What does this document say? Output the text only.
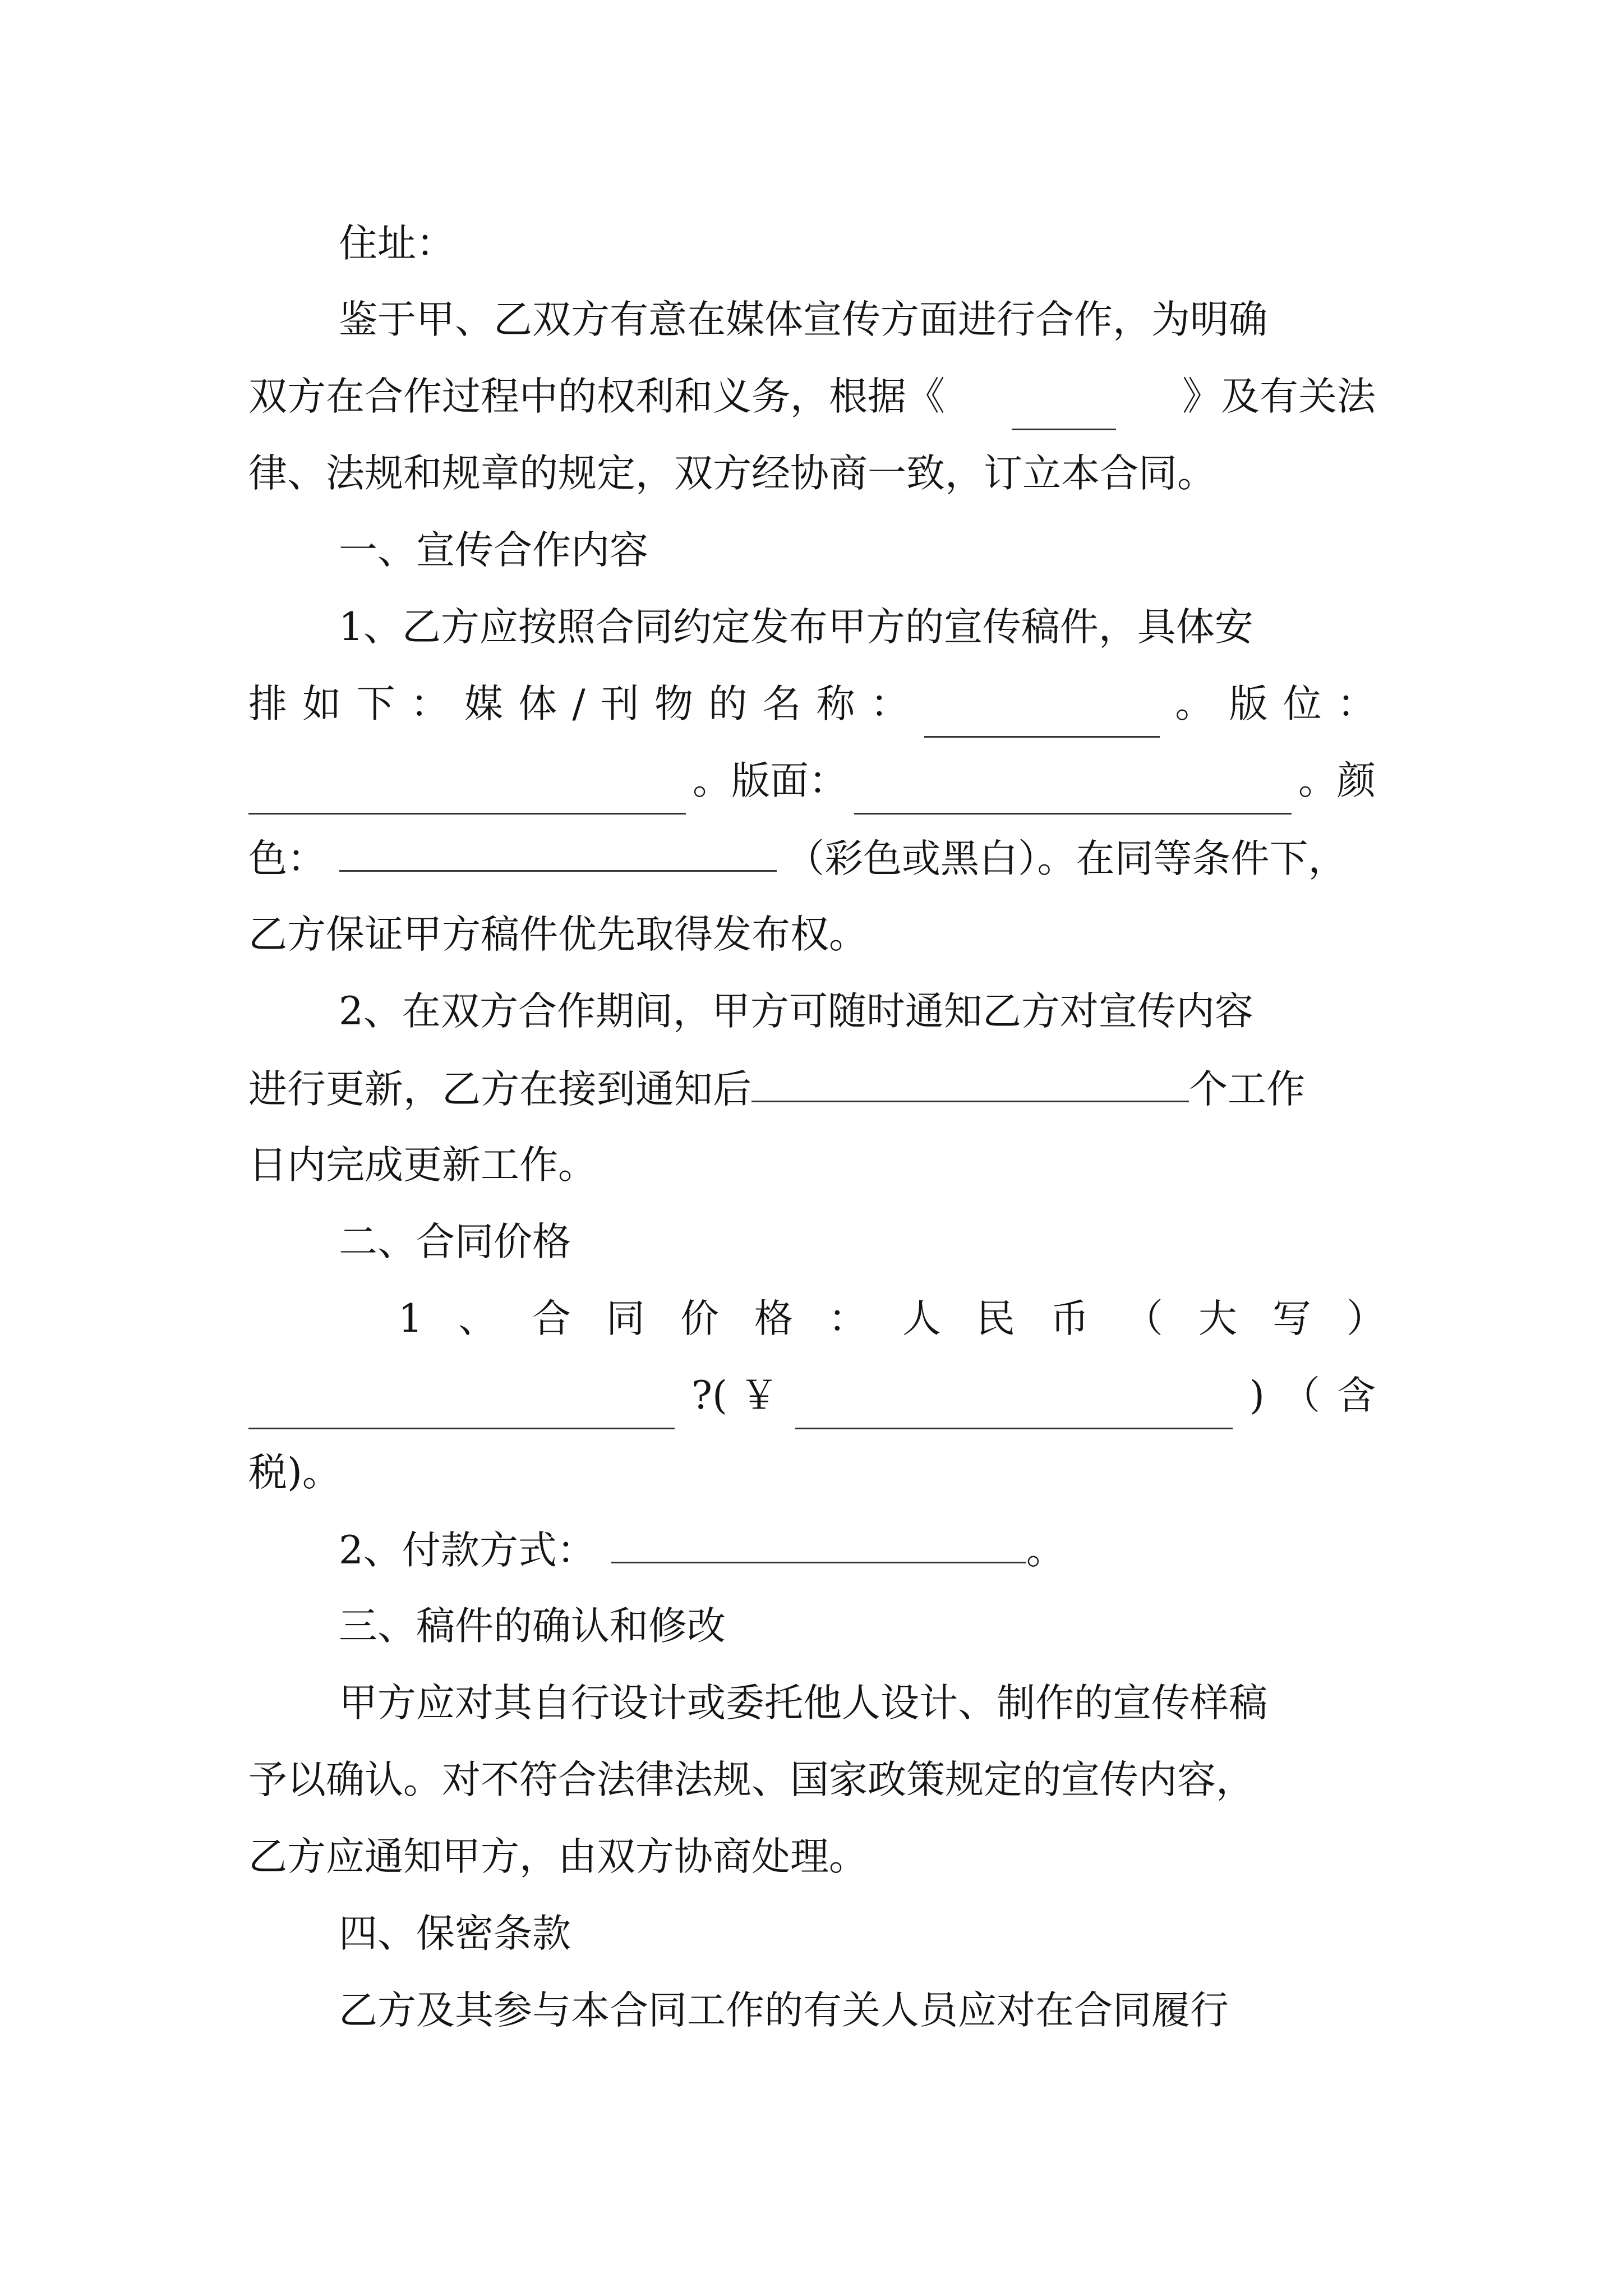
住址：
鉴于甲、乙双方有意在媒体宣传方面进行合作，为明确
双方在合作过程中的权利和义务，根据《	》及有关法
律、法规和规章的规定，双方经协商一致，订立本合同。
一、宣传合作内容
1、乙方应按照合同约定发布甲方的宣传稿件，具体安
排 如 下 ： 媒 体 / 刊 物 的 名 称 ：	。 版 位 ：
。版面：	。颜
色：	（彩色或黑白）。在同等条件下，
乙方保证甲方稿件优先取得发布权。
2、在双方合作期间，甲方可随时通知乙方对宣传内容
进行更新，乙方在接到通知后	个工作
日内完成更新工作。
二、合同价格
1 、 合 同 价 格 ： 人 民 币 （ 大 写 ）
?( ￥	) （ 含
税)。
2、付款方式：	。
三、稿件的确认和修改
甲方应对其自行设计或委托他人设计、制作的宣传样稿
予以确认。对不符合法律法规、国家政策规定的宣传内容，
乙方应通知甲方，由双方协商处理。
四、保密条款
乙方及其参与本合同工作的有关人员应对在合同履行
